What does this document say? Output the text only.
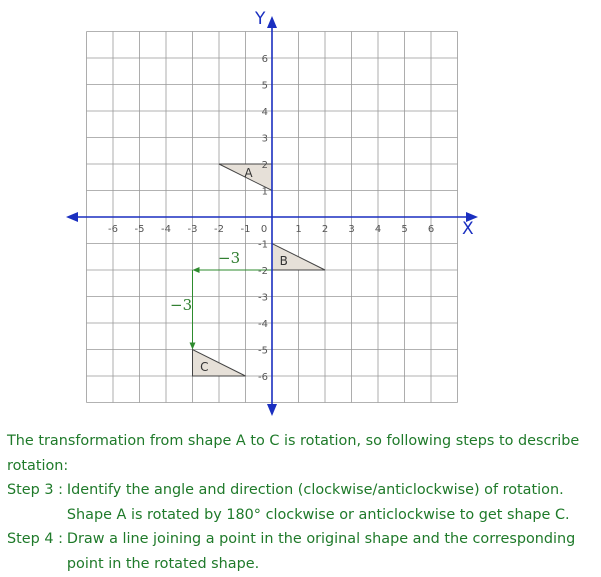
A
B
C
-6 -5 -4 -3 -2 -1 0	1 2 3 4 5 6
6
5
4
3
2
1
-1
-2
-3
-4
-5
-6
X
Y
−3
−3

The transformation from shape A to C is rotation, so following steps to describe rotation:

Step 3 : Identify the angle and direction (clockwise/anticlockwise) of rotation.

Shape A is rotated by 180° clockwise or anticlockwise to get shape C.

Step 4 : Draw a line joining a point in the original shape and the corresponding

point in the rotated shape.
